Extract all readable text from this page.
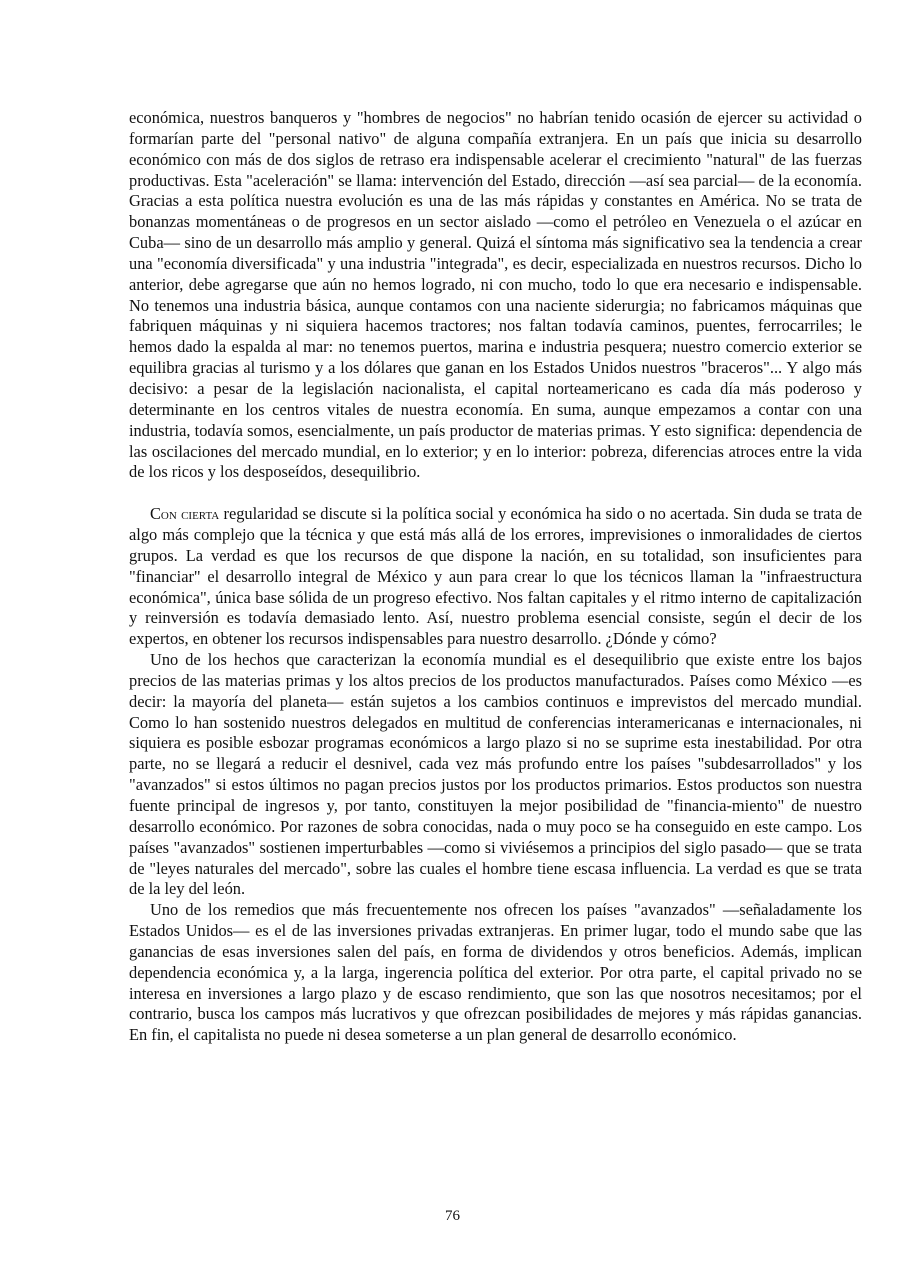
económica, nuestros banqueros y "hombres de negocios" no habrían tenido ocasión de ejercer su actividad o formarían parte del "personal nativo" de alguna compañía extranjera. En un país que inicia su desarrollo económico con más de dos siglos de retraso era indispensable acelerar el crecimiento "natural" de las fuerzas productivas. Esta "aceleración" se llama: intervención del Estado, dirección —así sea parcial— de la economía. Gracias a esta política nuestra evolución es una de las más rápidas y constantes en América. No se trata de bonanzas momentáneas o de progresos en un sector aislado —como el petróleo en Venezuela o el azúcar en Cuba— sino de un desarrollo más amplio y general. Quizá el síntoma más significativo sea la tendencia a crear una "economía diversificada" y una industria "integrada", es decir, especializada en nuestros recursos. Dicho lo anterior, debe agregarse que aún no hemos logrado, ni con mucho, todo lo que era necesario e indispensable. No tenemos una industria básica, aunque contamos con una naciente siderurgia; no fabricamos máquinas que fabriquen máquinas y ni siquiera hacemos tractores; nos faltan todavía caminos, puentes, ferrocarriles; le hemos dado la espalda al mar: no tenemos puertos, marina e industria pesquera; nuestro comercio exterior se equilibra gracias al turismo y a los dólares que ganan en los Estados Unidos nuestros "braceros"... Y algo más decisivo: a pesar de la legislación nacionalista, el capital norteamericano es cada día más poderoso y determinante en los centros vitales de nuestra economía. En suma, aunque empezamos a contar con una industria, todavía somos, esencialmente, un país productor de materias primas. Y esto significa: dependencia de las oscilaciones del mercado mundial, en lo exterior; y en lo interior: pobreza, diferencias atroces entre la vida de los ricos y los desposeídos, desequilibrio.

Con cierta regularidad se discute si la política social y económica ha sido o no acertada. Sin duda se trata de algo más complejo que la técnica y que está más allá de los errores, imprevisiones o inmoralidades de ciertos grupos. La verdad es que los recursos de que dispone la nación, en su totalidad, son insuficientes para "financiar" el desarrollo integral de México y aun para crear lo que los técnicos llaman la "infraestructura económica", única base sólida de un progreso efectivo. Nos faltan capitales y el ritmo interno de capitalización y reinversión es todavía demasiado lento. Así, nuestro problema esencial consiste, según el decir de los expertos, en obtener los recursos indispensables para nuestro desarrollo. ¿Dónde y cómo?

Uno de los hechos que caracterizan la economía mundial es el desequilibrio que existe entre los bajos precios de las materias primas y los altos precios de los productos manufacturados. Países como México —es decir: la mayoría del planeta— están sujetos a los cambios continuos e imprevistos del mercado mundial. Como lo han sostenido nuestros delegados en multitud de conferencias interamericanas e internacionales, ni siquiera es posible esbozar programas económicos a largo plazo si no se suprime esta inestabilidad. Por otra parte, no se llegará a reducir el desnivel, cada vez más profundo entre los países "subdesarrollados" y los "avanzados" si estos últimos no pagan precios justos por los productos primarios. Estos productos son nuestra fuente principal de ingresos y, por tanto, constituyen la mejor posibilidad de "financia-miento" de nuestro desarrollo económico. Por razones de sobra conocidas, nada o muy poco se ha conseguido en este campo. Los países "avanzados" sostienen imperturbables —como si viviésemos a principios del siglo pasado— que se trata de "leyes naturales del mercado", sobre las cuales el hombre tiene escasa influencia. La verdad es que se trata de la ley del león.

Uno de los remedios que más frecuentemente nos ofrecen los países "avanzados" —señaladamente los Estados Unidos— es el de las inversiones privadas extranjeras. En primer lugar, todo el mundo sabe que las ganancias de esas inversiones salen del país, en forma de dividendos y otros beneficios. Además, implican dependencia económica y, a la larga, ingerencia política del exterior. Por otra parte, el capital privado no se interesa en inversiones a largo plazo y de escaso rendimiento, que son las que nosotros necesitamos; por el contrario, busca los campos más lucrativos y que ofrezcan posibilidades de mejores y más rápidas ganancias. En fin, el capitalista no puede ni desea someterse a un plan general de desarrollo económico.

76
